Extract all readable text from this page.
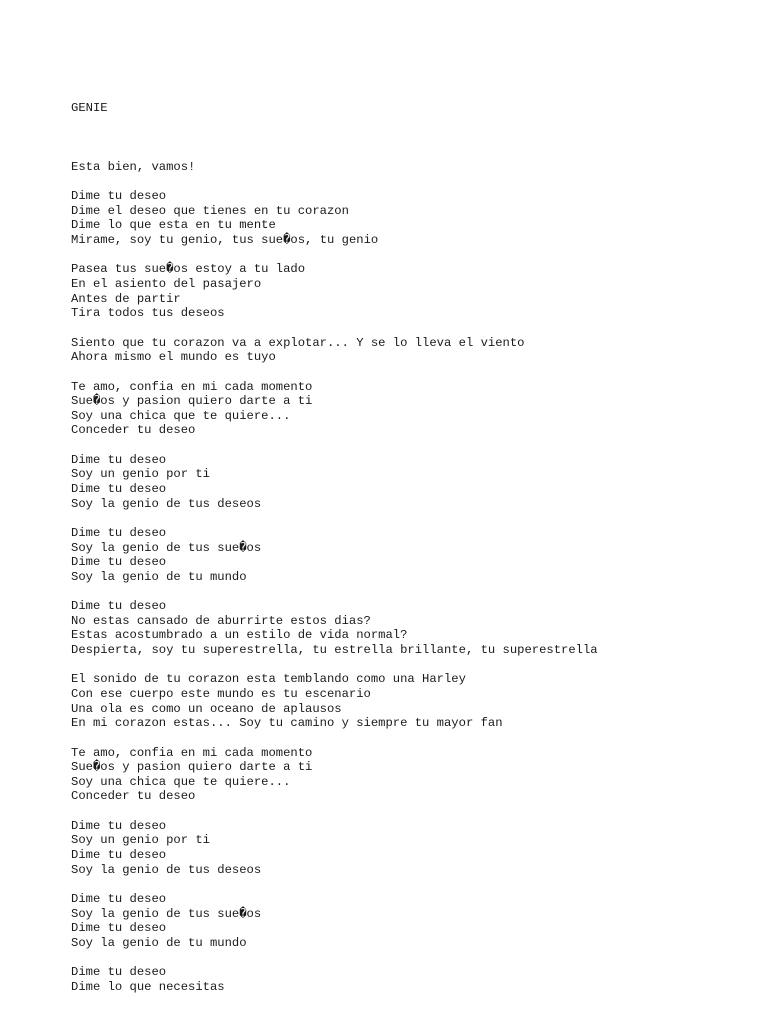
GENIE

Esta bien, vamos!
Dime tu deseo
Dime el deseo que tienes en tu corazon
Dime lo que esta en tu mente
Mirame, soy tu genio, tus sue�os, tu genio
Pasea tus sue�os estoy a tu lado
En el asiento del pasajero
Antes de partir
Tira todos tus deseos
Siento que tu corazon va a explotar... Y se lo lleva el viento
Ahora mismo el mundo es tuyo
Te amo, confia en mi cada momento
Sue�os y pasion quiero darte a ti
Soy una chica que te quiere...
Conceder tu deseo
Dime tu deseo
Soy un genio por ti
Dime tu deseo
Soy la genio de tus deseos
Dime tu deseo
Soy la genio de tus sue�os
Dime tu deseo
Soy la genio de tu mundo
Dime tu deseo
No estas cansado de aburrirte estos dias?
Estas acostumbrado a un estilo de vida normal?
Despierta, soy tu superestrella, tu estrella brillante, tu superestrella
El sonido de tu corazon esta temblando como una Harley
Con ese cuerpo este mundo es tu escenario
Una ola es como un oceano de aplausos
En mi corazon estas... Soy tu camino y siempre tu mayor fan
Te amo, confia en mi cada momento
Sue�os y pasion quiero darte a ti
Soy una chica que te quiere...
Conceder tu deseo
Dime tu deseo
Soy un genio por ti
Dime tu deseo
Soy la genio de tus deseos
Dime tu deseo
Soy la genio de tus sue�os
Dime tu deseo
Soy la genio de tu mundo
Dime tu deseo
Dime lo que necesitas
